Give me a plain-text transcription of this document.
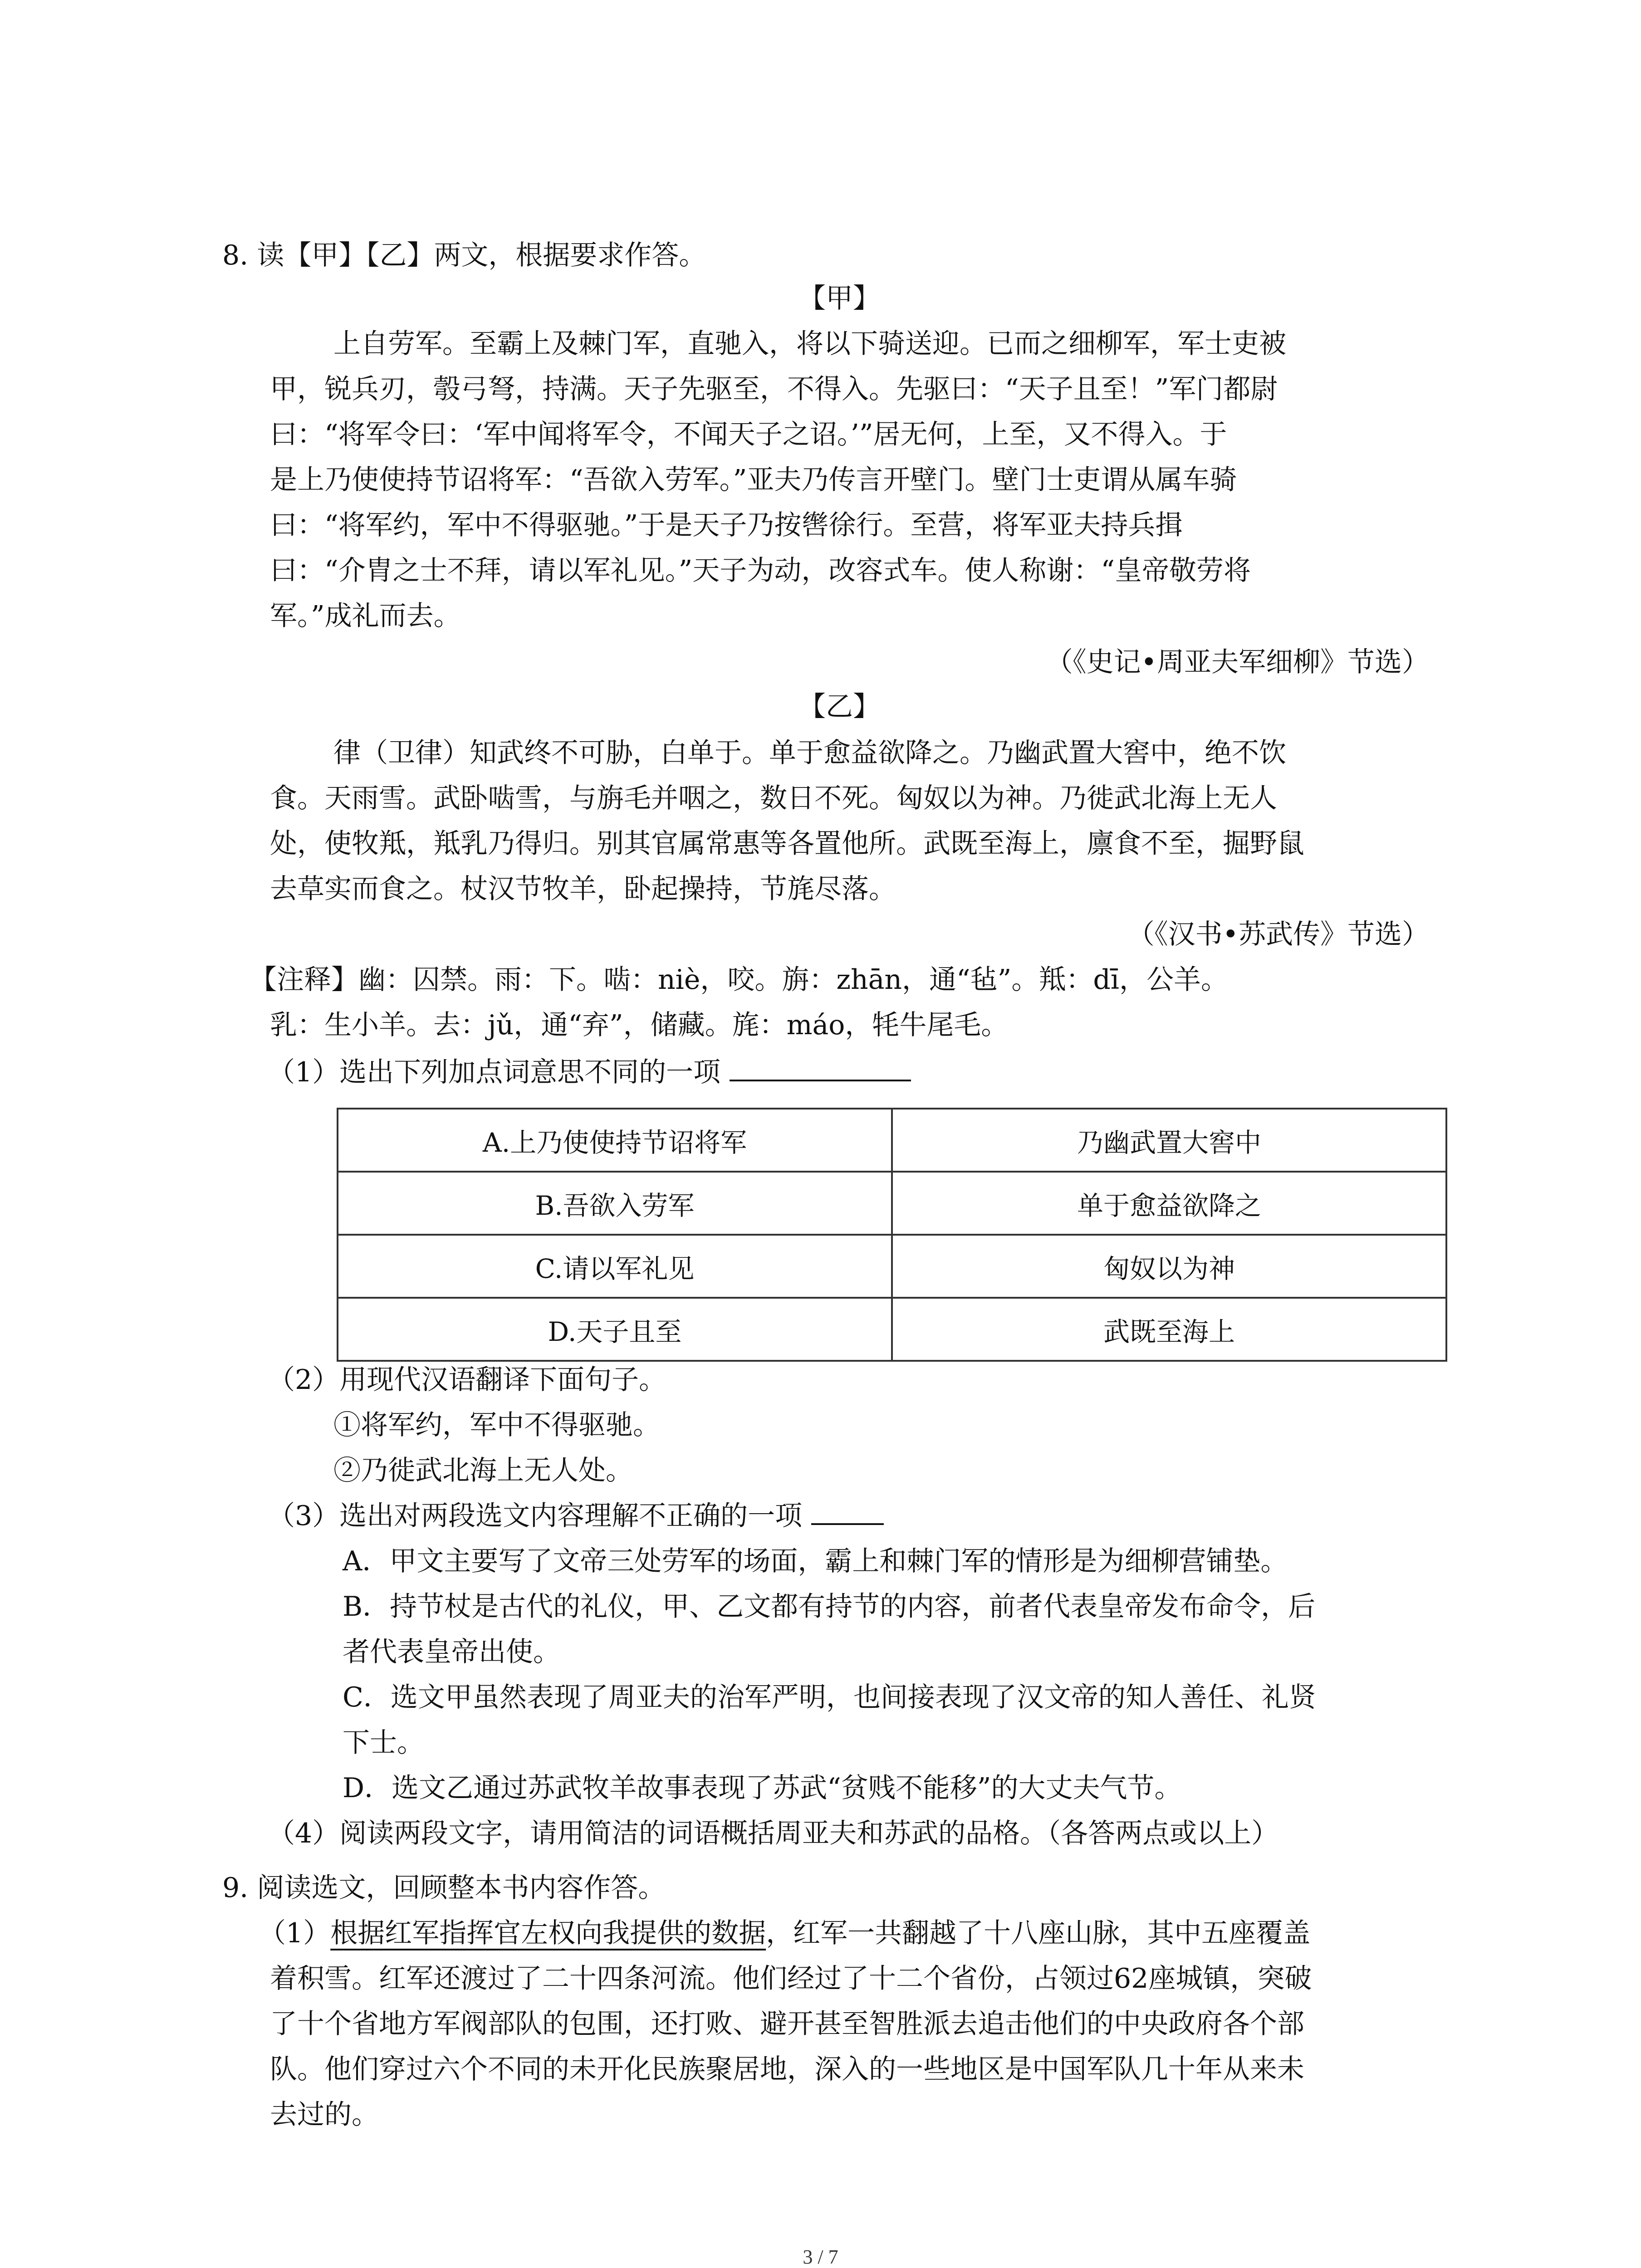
8. 读【甲】【乙】两文，根据要求作答。
【甲】
上自劳军。至霸上及棘门军，直驰入，将以下骑送迎。已而之细柳军，军士吏被
甲，锐兵刃，彀弓弩，持满。天子先驱至，不得入。先驱曰：“天子且至！”军门都尉
曰：“将军令曰：‘军中闻将军令，不闻天子之诏。’”居无何，上至，又不得入。于
是上乃使使持节诏将军：“吾欲入劳军。”亚夫乃传言开壁门。壁门士吏谓从属车骑
曰：“将军约，军中不得驱驰。”于是天子乃按辔徐行。至营，将军亚夫持兵揖
曰：“介胄之士不拜，请以军礼见。”天子为动，改容式车。使人称谢：“皇帝敬劳将
军。”成礼而去。
（《史记•周亚夫军细柳》节选）
【乙】
律（卫律）知武终不可胁，白单于。单于愈益欲降之。乃幽武置大窖中，绝不饮
食。天雨雪。武卧啮雪，与旃毛并咽之，数日不死。匈奴以为神。乃徙武北海上无人
处，使牧羝，羝乳乃得归。别其官属常惠等各置他所。武既至海上，廪食不至，掘野鼠
去草实而食之。杖汉节牧羊，卧起操持，节旄尽落。
（《汉书•苏武传》节选）
【注释】幽：囚禁。雨：下。啮：niè，咬。旃：zhān，通“毡”。羝：dī，公羊。
乳：生小羊。去：jǔ，通“弃”，储藏。旄：máo，牦牛尾毛。
（1）选出下列加点词意思不同的一项
A.上乃使使持节诏将军	乃幽武置大窖中
B.吾欲入劳军	单于愈益欲降之
C.请以军礼见	匈奴以为神
D.天子且至	武既至海上
（2）用现代汉语翻译下面句子。
①将军约，军中不得驱驰。
②乃徙武北海上无人处。
（3）选出对两段选文内容理解不正确的一项
A．甲文主要写了文帝三处劳军的场面，霸上和棘门军的情形是为细柳营铺垫。
B．持节杖是古代的礼仪，甲、乙文都有持节的内容，前者代表皇帝发布命令，后
者代表皇帝出使。
C．选文甲虽然表现了周亚夫的治军严明，也间接表现了汉文帝的知人善任、礼贤
下士。
D．选文乙通过苏武牧羊故事表现了苏武“贫贱不能移”的大丈夫气节。
（4）阅读两段文字，请用简洁的词语概括周亚夫和苏武的品格。（各答两点或以上）
9. 阅读选文，回顾整本书内容作答。
（1）根据红军指挥官左权向我提供的数据，红军一共翻越了十八座山脉，其中五座覆盖
着积雪。红军还渡过了二十四条河流。他们经过了十二个省份，占领过62座城镇，突破
了十个省地方军阀部队的包围，还打败、避开甚至智胜派去追击他们的中央政府各个部
队。他们穿过六个不同的未开化民族聚居地，深入的一些地区是中国军队几十年从来未
去过的。
3 / 7
